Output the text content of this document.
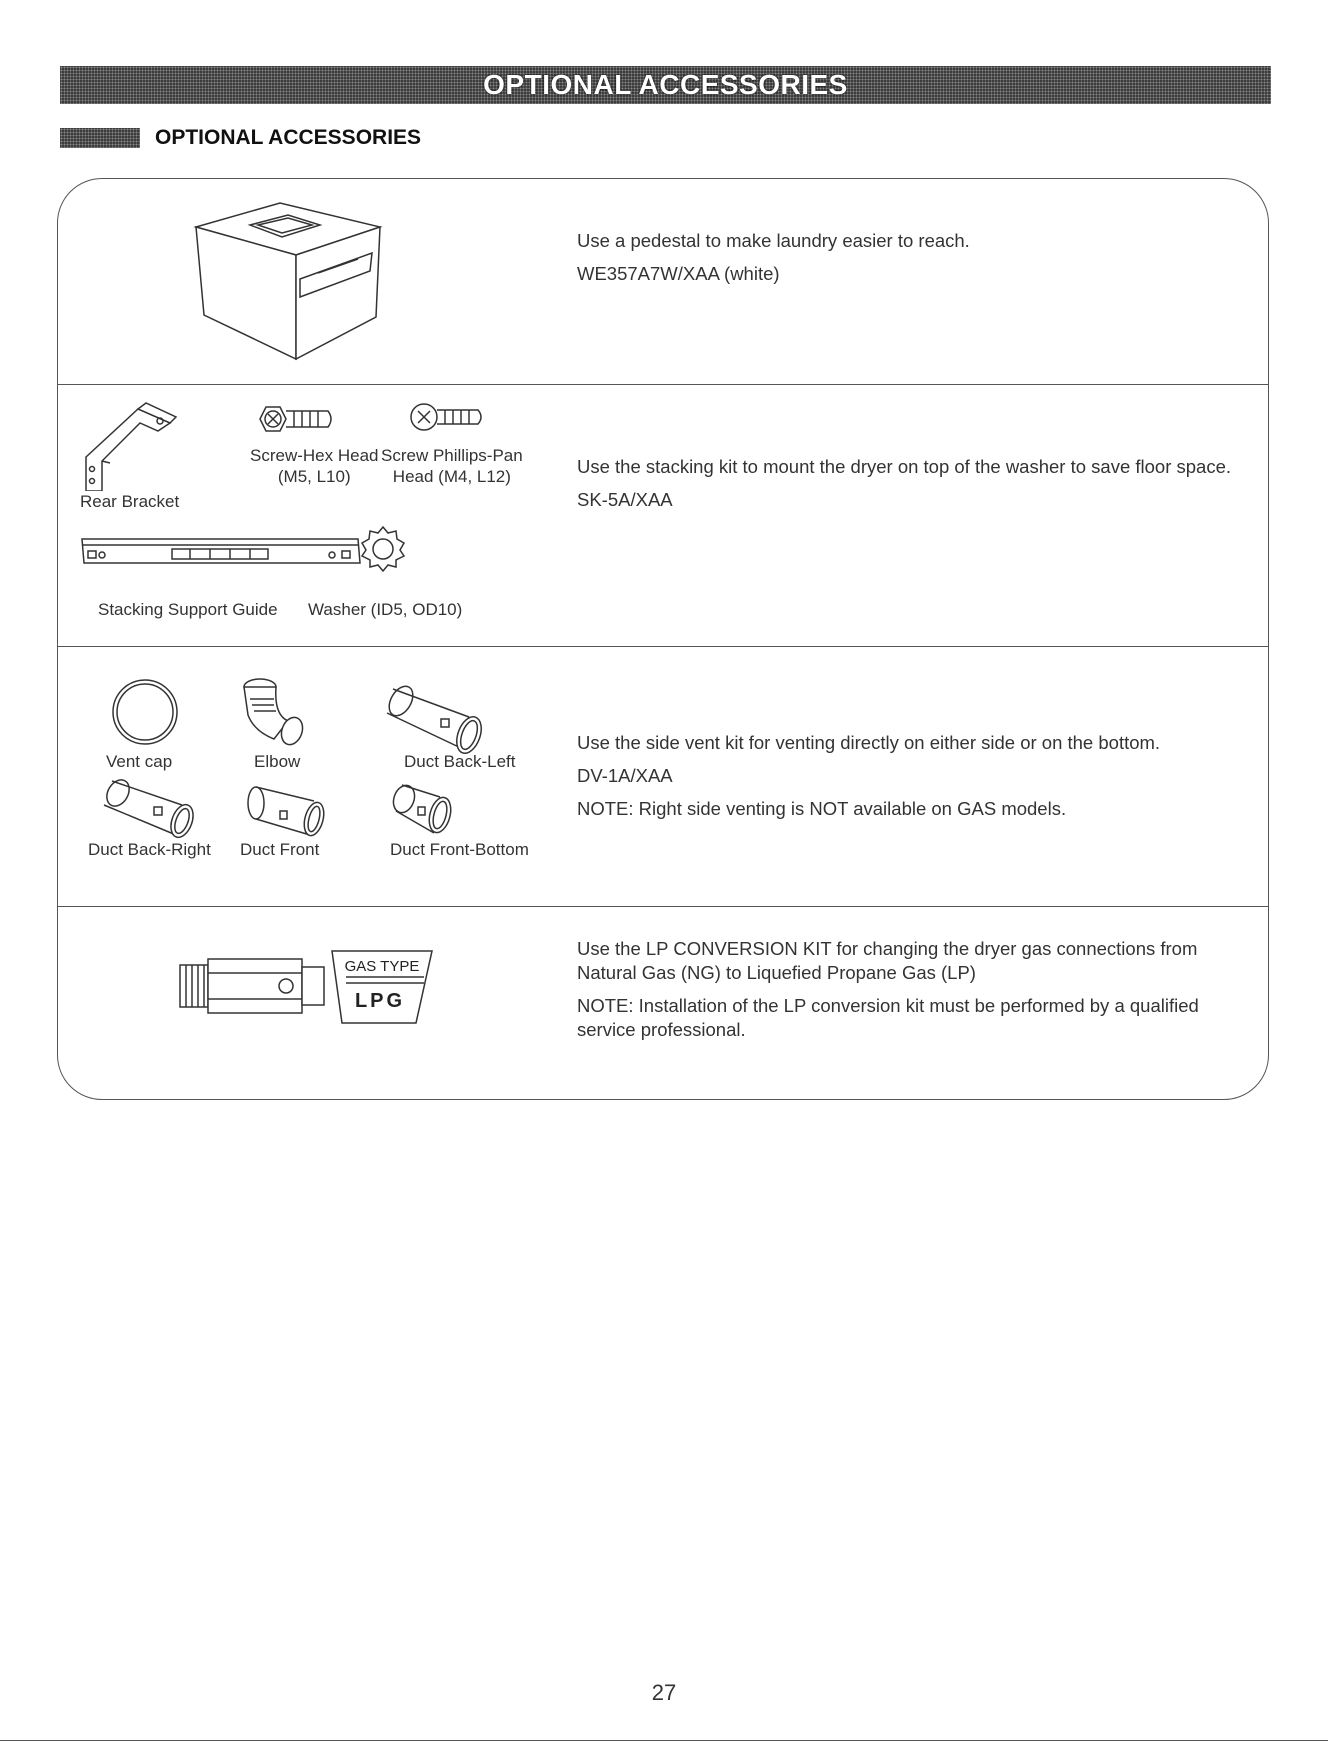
OPTIONAL ACCESSORIES
OPTIONAL ACCESSORIES

Use a pedestal to make laundry easier to reach.

WE357A7W/XAA (white)

Rear Bracket
Screw-Hex Head
(M5, L10)
Screw Phillips-Pan
Head (M4, L12)
Stacking Support Guide Washer (ID5, OD10)

Use the stacking kit to mount the dryer on top of the washer to save floor space.

SK-5A/XAA

Vent cap	Elbow	Duct Back-Left
Duct Back-Right Duct Front	Duct Front-Bottom

Use the side vent kit for venting directly on either side or on the bottom.

DV-1A/XAA

NOTE: Right side venting is NOT available on GAS models.

GAS TYPE
LPG

Use the LP CONVERSION KIT for changing the dryer gas connections from Natural Gas (NG) to Liquefied Propane Gas (LP)

NOTE: Installation of the LP conversion kit must be performed by a qualified service professional.

27
